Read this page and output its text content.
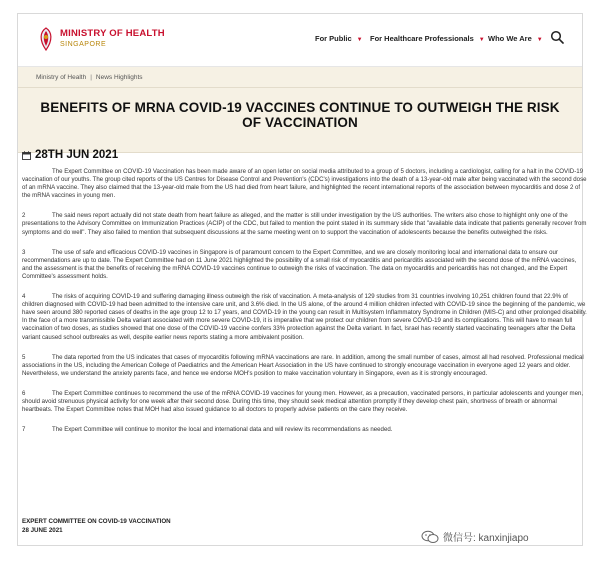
MINISTRY OF HEALTH
SINGAPORE
For Public ▼ For Healthcare Professionals ▼ Who We Are ▼
Ministry of Health | News Highlights
BENEFITS OF MRNA COVID-19 VACCINES CONTINUE TO OUTWEIGH THE RISK OF VACCINATION
28TH JUN 2021

The Expert Committee on COVID-19 Vaccination has been made aware of an open letter on social media attributed to a group of 5 doctors, including a cardiologist, calling for a halt in the COVID-19 vaccination of our youths. The group cited reports of the US Centres for Disease Control and Prevention's (CDC's) investigations into the death of a 13-year-old male after being vaccinated with the second dose of an mRNA vaccine. They also claimed that the 13-year-old male from the US had died from heart failure, and highlighted the recent international reports of the association between myocarditis and dose 2 of the mRNA vaccines in young men.

2	The said news report actually did not state death from heart failure as alleged, and the matter is still under investigation by the US authorities. The writers also chose to highlight only one of the presentations to the Advisory Committee on Immunization Practices (ACIP) of the CDC, but failed to mention the point stated in its summary slide that "available data indicate that patients generally recover from symptoms and do well". They also failed to mention that subsequent discussions at the same meeting went on to support the vaccination of adolescents because the benefits outweighed the risks.

3	The use of safe and efficacious COVID-19 vaccines in Singapore is of paramount concern to the Expert Committee, and we are closely monitoring local and international data to ensure our recommendations are up to date. The Expert Committee had on 11 June 2021 highlighted the possibility of a small risk of myocarditis and pericarditis associated with the second dose of the mRNA vaccines, and the assessment is that the benefits of receiving the mRNA COVID-19 vaccines continue to outweigh the risks of vaccination. The data on myocarditis and pericarditis has not changed, and the Expert Committee's assessment holds.

4	The risks of acquiring COVID-19 and suffering damaging illness outweigh the risk of vaccination. A meta-analysis of 129 studies from 31 countries involving 10,251 children found that 22.9% of children diagnosed with COVID-19 had been admitted to the intensive care unit, and 3.6% died. In the US alone, of the around 4 million children infected with COVID-19 since the beginning of the pandemic, we have seen around 380 reported cases of deaths in the age group 12 to 17 years, and COVID-19 in the young can result in Multisystem Inflammatory Syndrome in Children (MIS-C) and other prolonged disability. In the face of a more transmissible Delta variant associated with more severe COVID-19, it is imperative that we protect our children from severe COVID-19 and its complications. This will have to mean full vaccination of two doses, as studies showed that one dose of the COVID-19 vaccine confers 33% protection against the Delta variant. In fact, Israel has recently started vaccinating teenagers after the Delta variant caused school outbreaks as well, despite earlier news reports stating a more ambivalent position.

5	The data reported from the US indicates that cases of myocarditis following mRNA vaccinations are rare. In addition, among the small number of cases, almost all had resolved. Professional medical associations in the US, including the American College of Paediatrics and the American Heart Association in the US have continued to strongly encourage vaccination in everyone aged 12 years and older. Nevertheless, we understand the anxiety parents face, and hence we endorse MOH's position to make vaccination voluntary in Singapore, even as it is strongly encouraged.

6	The Expert Committee continues to recommend the use of the mRNA COVID-19 vaccines for young men. However, as a precaution, vaccinated persons, in particular adolescents and younger men, should avoid strenuous physical activity for one week after their second dose. During this time, they should seek medical attention promptly if they develop chest pain, shortness of breath or abnormal heartbeats. The Expert Committee notes that MOH had also issued guidance to all doctors to properly advise patients on the care they receive.

7	The Expert Committee will continue to monitor the local and international data and will review its recommendations as needed.

EXPERT COMMITTEE ON COVID-19 VACCINATION
28 JUNE 2021
微信号: kanxinjiapo
